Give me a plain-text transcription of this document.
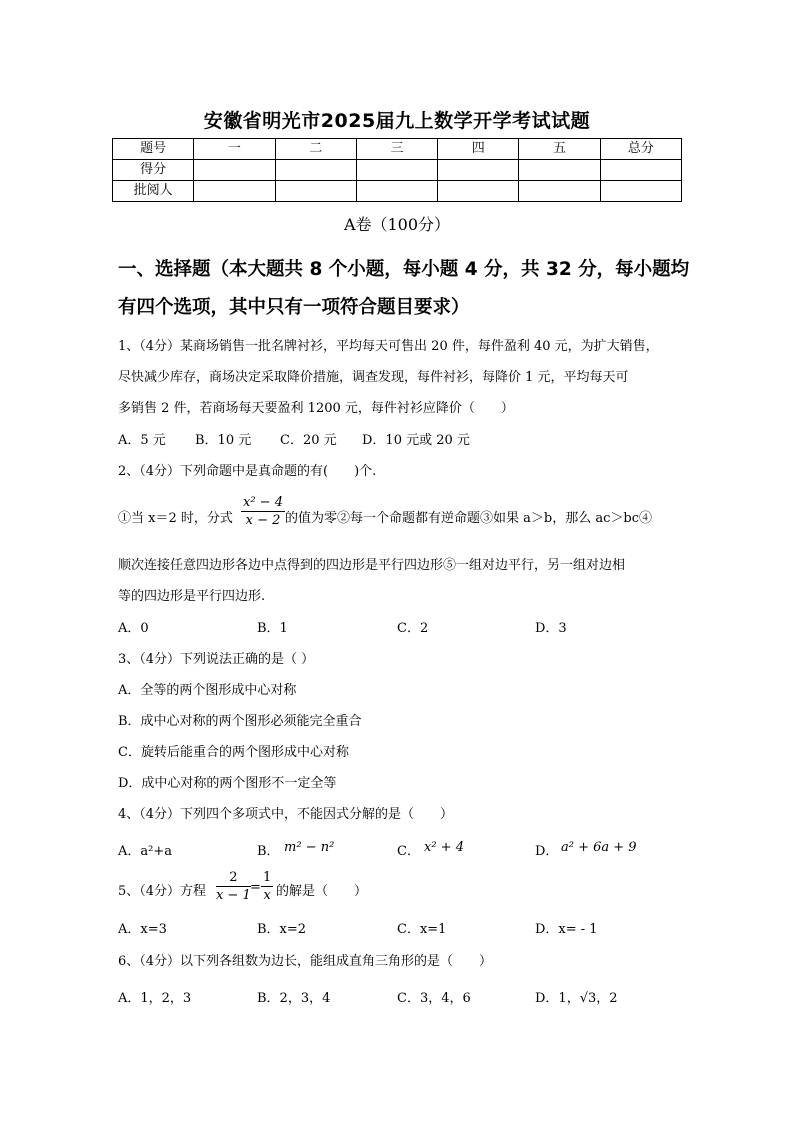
安徽省明光市2025届九上数学开学考试试题
题号	一	二	三	四	五	总分
得分						
批阅人						
A卷（100分）
一、选择题（本大题共 8 个小题，每小题 4 分，共 32 分，每小题均
有四个选项，其中只有一项符合题目要求）
1、（4分）某商场销售一批名牌衬衫，平均每天可售出 20 件，每件盈利 40 元，为扩大销售，
尽快减少库存，商场决定采取降价措施，调查发现，每件衬衫，每降价 1 元，平均每天可
多销售 2 件，若商场每天要盈利 1200 元，每件衬衫应降价（　　）
A．5 元 B．10 元 C．20 元 D．10 元或 20 元
2、（4分）下列命题中是真命题的有(　　)个.
①当 x＝2 时，分式 $\frac{\text{x² − 4}}{x - 2}$ 的值为零②每一个命题都有逆命题③如果 a＞b，那么 ac＞bc④
顺次连接任意四边形各边中点得到的四边形是平行四边形⑤一组对边平行，另一组对边相
等的四边形是平行四边形.
A．0	B．1	C．2	D．3
3、（4分）下列说法正确的是（ ）
A．全等的两个图形成中心对称
B．成中心对称的两个图形必须能完全重合
C．旋转后能重合的两个图形成中心对称
D．成中心对称的两个图形不一定全等
4、（4分）下列四个多项式中，不能因式分解的是（　　）
A．a²+a	B． m² − n²	C． x² + 4	D． a² + 6a + 9
5、（4分）方程 $\frac{2}{x - 1} = \frac{1}{x}$ 的解是（　　）
A．x=3	B．x=2	C．x=1	D．x= - 1
6、（4分）以下列各组数为边长，能组成直角三角形的是（　　）
A．1，2，3	B．2，3，4	C．3，4，6	D．1，√3，2
